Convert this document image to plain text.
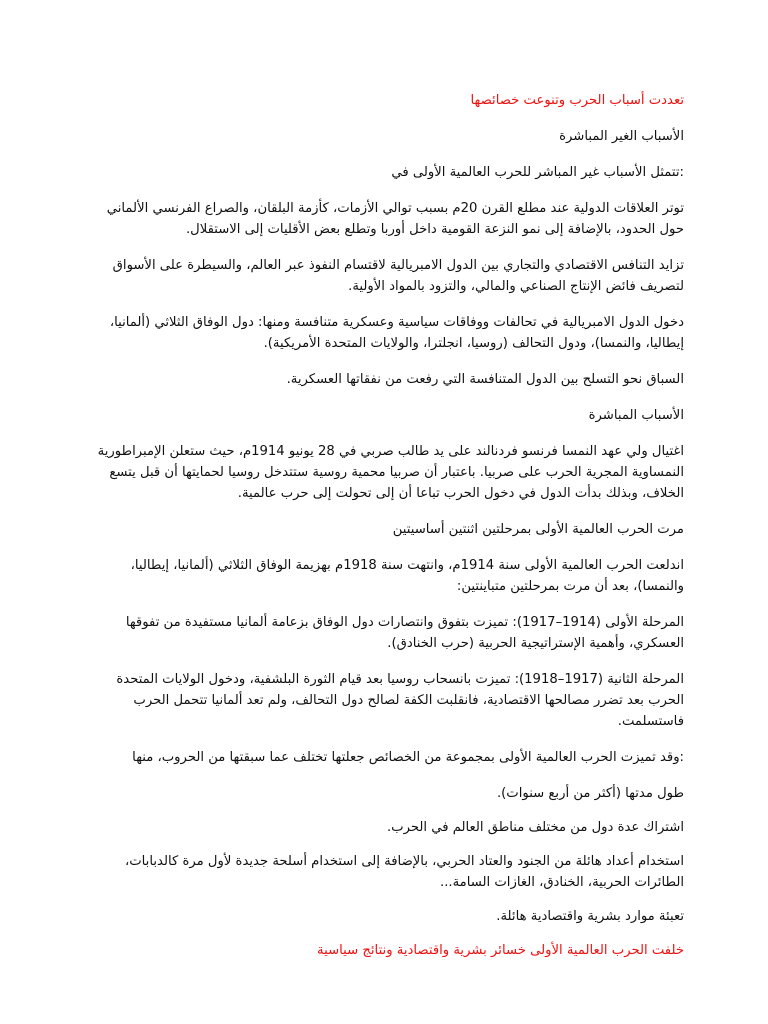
تعددت أسباب الحرب وتنوعت خصائصها

الأسباب الغير المباشرة

:تتمثل الأسباب غير المباشر للحرب العالمية الأولى في

توتر العلاقات الدولية عند مطلع القرن 20م بسبب توالي الأزمات، كأزمة البلقان، والصراع الفرنسي الألماني حول الحدود، بالإضافة إلى نمو النزعة القومية داخل أوربا وتطلع بعض الأقليات إلى الاستقلال.

تزايد التنافس الاقتصادي والتجاري بين الدول الامبريالية لاقتسام النفوذ عبر العالم، والسيطرة على الأسواق لتصريف فائض الإنتاج الصناعي والمالي، والتزود بالمواد الأولية.

دخول الدول الامبريالية في تحالفات ووفاقات سياسية وعسكرية متنافسة ومنها: دول الوفاق الثلاثي (ألمانيا، إيطاليا، والنمسا)، ودول التحالف (روسيا، انجلترا، والولايات المتحدة الأمريكية).

السباق نحو التسلح بين الدول المتنافسة التي رفعت من نفقاتها العسكرية.

الأسباب المباشرة

اغتيال ولي عهد النمسا فرنسو فردنالند على يد طالب صربي في 28 يونيو 1914م، حيث ستعلن الإمبراطورية النمساوية المجرية الحرب على صربيا. باعتبار أن صربيا محمية روسية ستتدخل روسيا لحمايتها أن قبل يتسع الخلاف، وبذلك بدأت الدول في دخول الحرب تباعا أن إلى تحولت إلى حرب عالمية.

مرت الحرب العالمية الأولى بمرحلتين اثنتين أساسيتين

اندلعت الحرب العالمية الأولى سنة 1914م، وانتهت سنة 1918م بهزيمة الوفاق الثلاثي (ألمانيا، إيطاليا، والنمسا)، بعد أن مرت بمرحلتين متباينتين:

المرحلة الأولى (1914–1917): تميزت بتفوق وانتصارات دول الوفاق بزعامة ألمانيا مستفيدة من تفوقها العسكري، وأهمية الإستراتيجية الحربية (حرب الخنادق).

المرحلة الثانية (1917–1918): تميزت بانسحاب روسيا بعد قيام الثورة البلشفية، ودخول الولايات المتحدة الحرب بعد تضرر مصالحها الاقتصادية، فانقلبت الكفة لصالح دول التحالف، ولم تعد ألمانيا تتحمل الحرب فاستسلمت.

:وقد تميزت الحرب العالمية الأولى بمجموعة من الخصائص جعلتها تختلف عما سبقتها من الحروب، منها

طول مدتها (أكثر من أربع سنوات).

اشتراك عدة دول من مختلف مناطق العالم في الحرب.

استخدام أعداد هائلة من الجنود والعتاد الحربي، بالإضافة إلى استخدام أسلحة جديدة لأول مرة كالدبابات، الطائرات الحربية، الخنادق، الغازات السامة...

تعبئة موارد بشرية واقتصادية هائلة.

خلفت الحرب العالمية الأولى خسائر بشرية واقتصادية ونتائج سياسية
